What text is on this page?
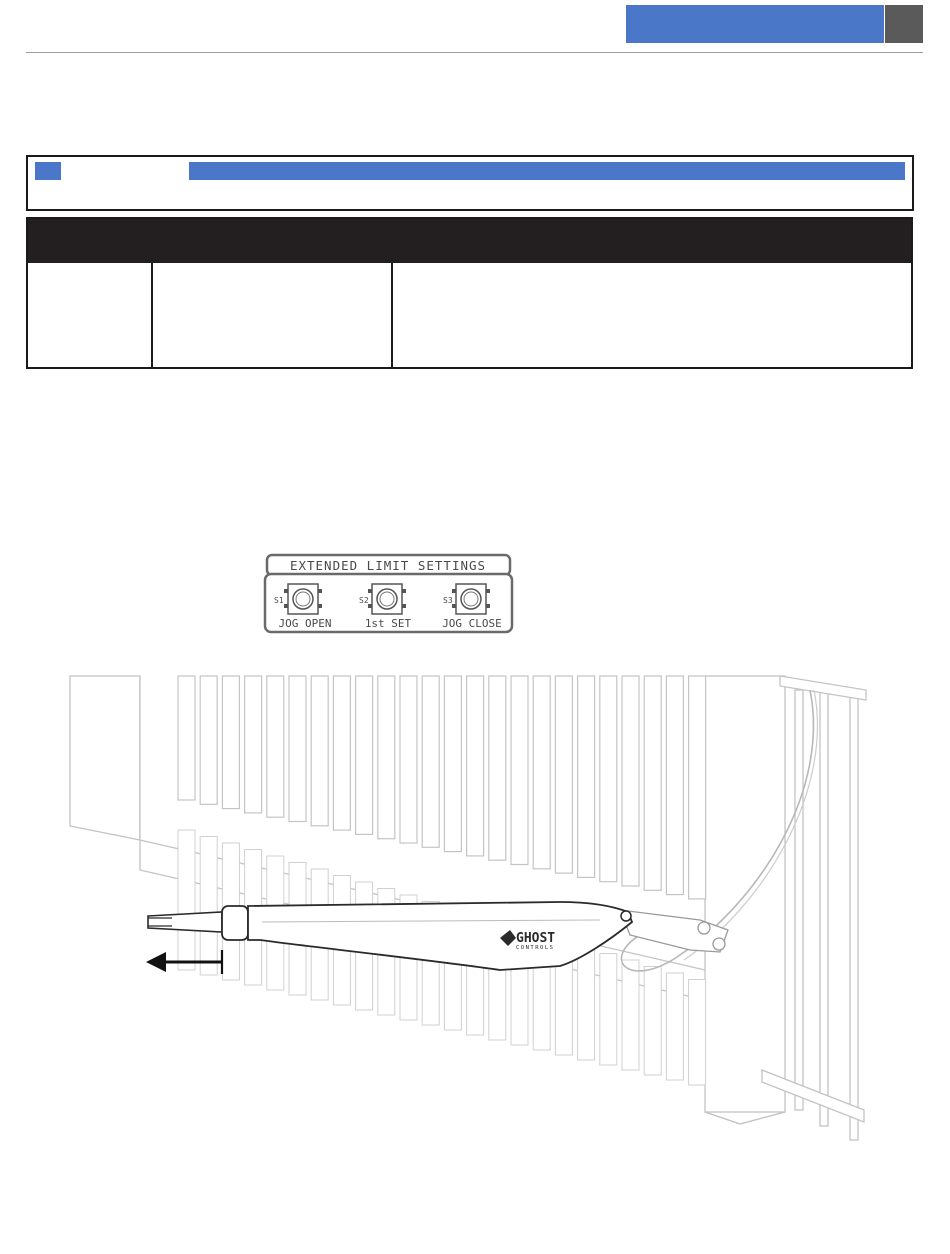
EXTENDED LIMIT SETTINGS
S1
JOG OPEN
S2
1st SET
S3
JOG CLOSE
GHOST
CONTROLS
